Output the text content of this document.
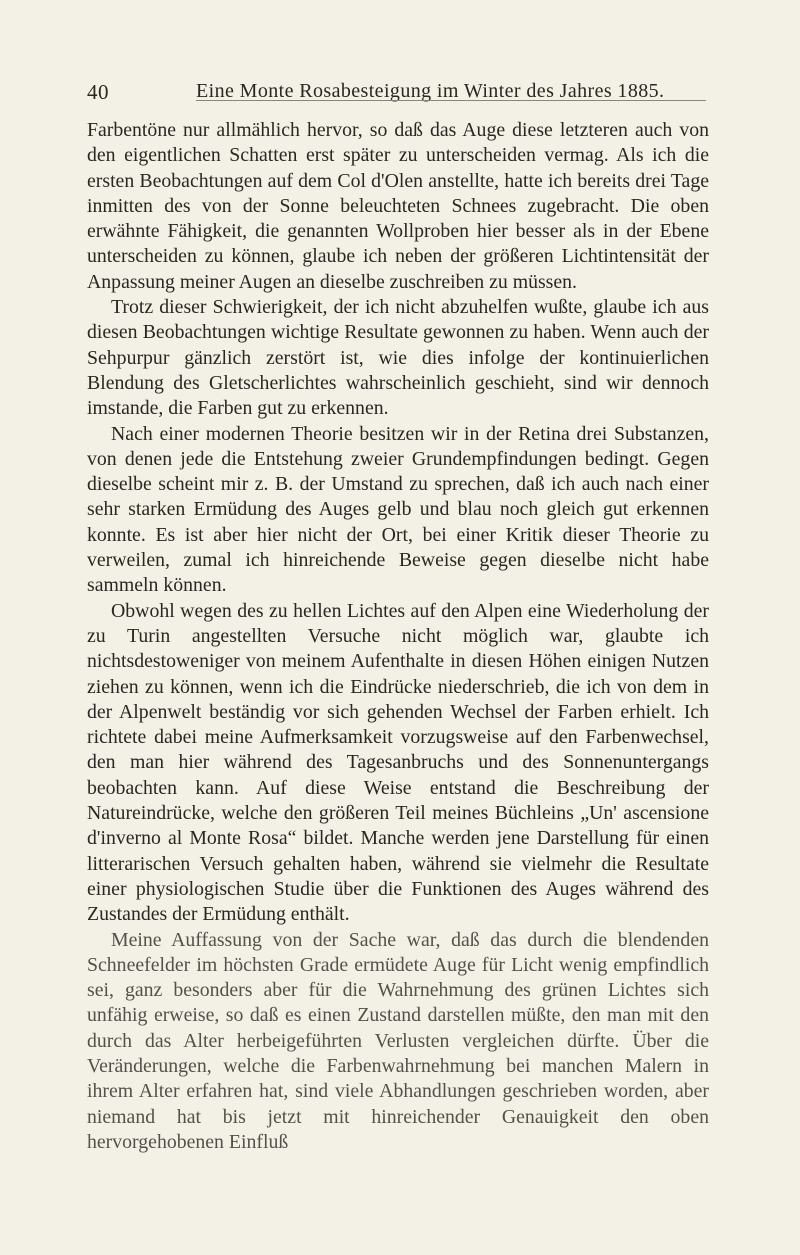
40	Eine Monte Rosabesteigung im Winter des Jahres 1885.

Farbentöne nur allmählich hervor, so daß das Auge diese letzteren auch von den eigentlichen Schatten erst später zu unterscheiden vermag. Als ich die ersten Beobachtungen auf dem Col d'Olen anstellte, hatte ich bereits drei Tage inmitten des von der Sonne beleuchteten Schnees zugebracht. Die oben erwähnte Fähigkeit, die genannten Wollproben hier besser als in der Ebene unterscheiden zu können, glaube ich neben der größeren Lichtintensität der Anpassung meiner Augen an dieselbe zuschreiben zu müssen.

Trotz dieser Schwierigkeit, der ich nicht abzuhelfen wußte, glaube ich aus diesen Beobachtungen wichtige Resultate gewonnen zu haben. Wenn auch der Sehpurpur gänzlich zerstört ist, wie dies infolge der kontinuierlichen Blendung des Gletscherlichtes wahrscheinlich geschieht, sind wir dennoch imstande, die Farben gut zu erkennen.

Nach einer modernen Theorie besitzen wir in der Retina drei Substanzen, von denen jede die Entstehung zweier Grundempfindungen bedingt. Gegen dieselbe scheint mir z. B. der Umstand zu sprechen, daß ich auch nach einer sehr starken Ermüdung des Auges gelb und blau noch gleich gut erkennen konnte. Es ist aber hier nicht der Ort, bei einer Kritik dieser Theorie zu verweilen, zumal ich hinreichende Beweise gegen dieselbe nicht habe sammeln können.

Obwohl wegen des zu hellen Lichtes auf den Alpen eine Wiederholung der zu Turin angestellten Versuche nicht möglich war, glaubte ich nichtsdestoweniger von meinem Aufenthalte in diesen Höhen einigen Nutzen ziehen zu können, wenn ich die Eindrücke niederschrieb, die ich von dem in der Alpenwelt beständig vor sich gehenden Wechsel der Farben erhielt. Ich richtete dabei meine Aufmerksamkeit vorzugsweise auf den Farbenwechsel, den man hier während des Tagesanbruchs und des Sonnenuntergangs beobachten kann. Auf diese Weise entstand die Beschreibung der Natureindrücke, welche den größeren Teil meines Büchleins „Un' ascensione d'inverno al Monte Rosa“ bildet. Manche werden jene Darstellung für einen litterarischen Versuch gehalten haben, während sie vielmehr die Resultate einer physiologischen Studie über die Funktionen des Auges während des Zustandes der Ermüdung enthält.

Meine Auffassung von der Sache war, daß das durch die blendenden Schneefelder im höchsten Grade ermüdete Auge für Licht wenig empfindlich sei, ganz besonders aber für die Wahrnehmung des grünen Lichtes sich unfähig erweise, so daß es einen Zustand darstellen müßte, den man mit den durch das Alter herbeigeführten Verlusten vergleichen dürfte. Über die Veränderungen, welche die Farbenwahrnehmung bei manchen Malern in ihrem Alter erfahren hat, sind viele Abhandlungen geschrieben worden, aber niemand hat bis jetzt mit hinreichender Genauigkeit den oben hervorgehobenen Einfluß
